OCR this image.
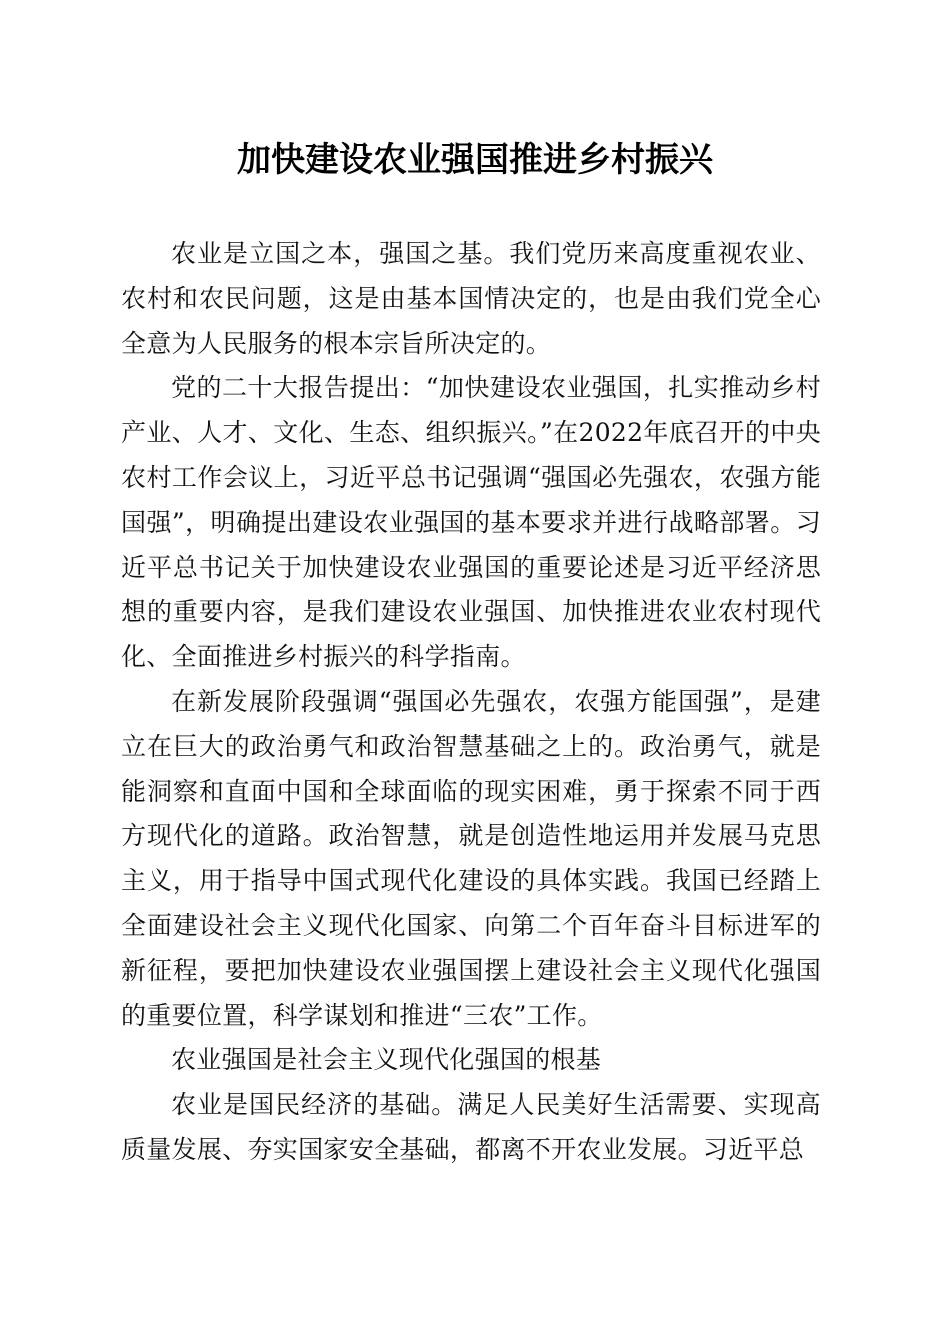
加快建设农业强国推进乡村振兴

农业是立国之本，强国之基。我们党历来高度重视农业、农村和农民问题，这是由基本国情决定的，也是由我们党全心全意为人民服务的根本宗旨所决定的。

党的二十大报告提出：“加快建设农业强国，扎实推动乡村产业、人才、文化、生态、组织振兴。”在2022年底召开的中央农村工作会议上，习近平总书记强调“强国必先强农，农强方能国强”，明确提出建设农业强国的基本要求并进行战略部署。习近平总书记关于加快建设农业强国的重要论述是习近平经济思想的重要内容，是我们建设农业强国、加快推进农业农村现代化、全面推进乡村振兴的科学指南。

在新发展阶段强调“强国必先强农，农强方能国强”，是建立在巨大的政治勇气和政治智慧基础之上的。政治勇气，就是能洞察和直面中国和全球面临的现实困难，勇于探索不同于西方现代化的道路。政治智慧，就是创造性地运用并发展马克思主义，用于指导中国式现代化建设的具体实践。我国已经踏上全面建设社会主义现代化国家、向第二个百年奋斗目标进军的新征程，要把加快建设农业强国摆上建设社会主义现代化强国的重要位置，科学谋划和推进“三农”工作。

农业强国是社会主义现代化强国的根基

农业是国民经济的基础。满足人民美好生活需要、实现高质量发展、夯实国家安全基础，都离不开农业发展。习近平总
